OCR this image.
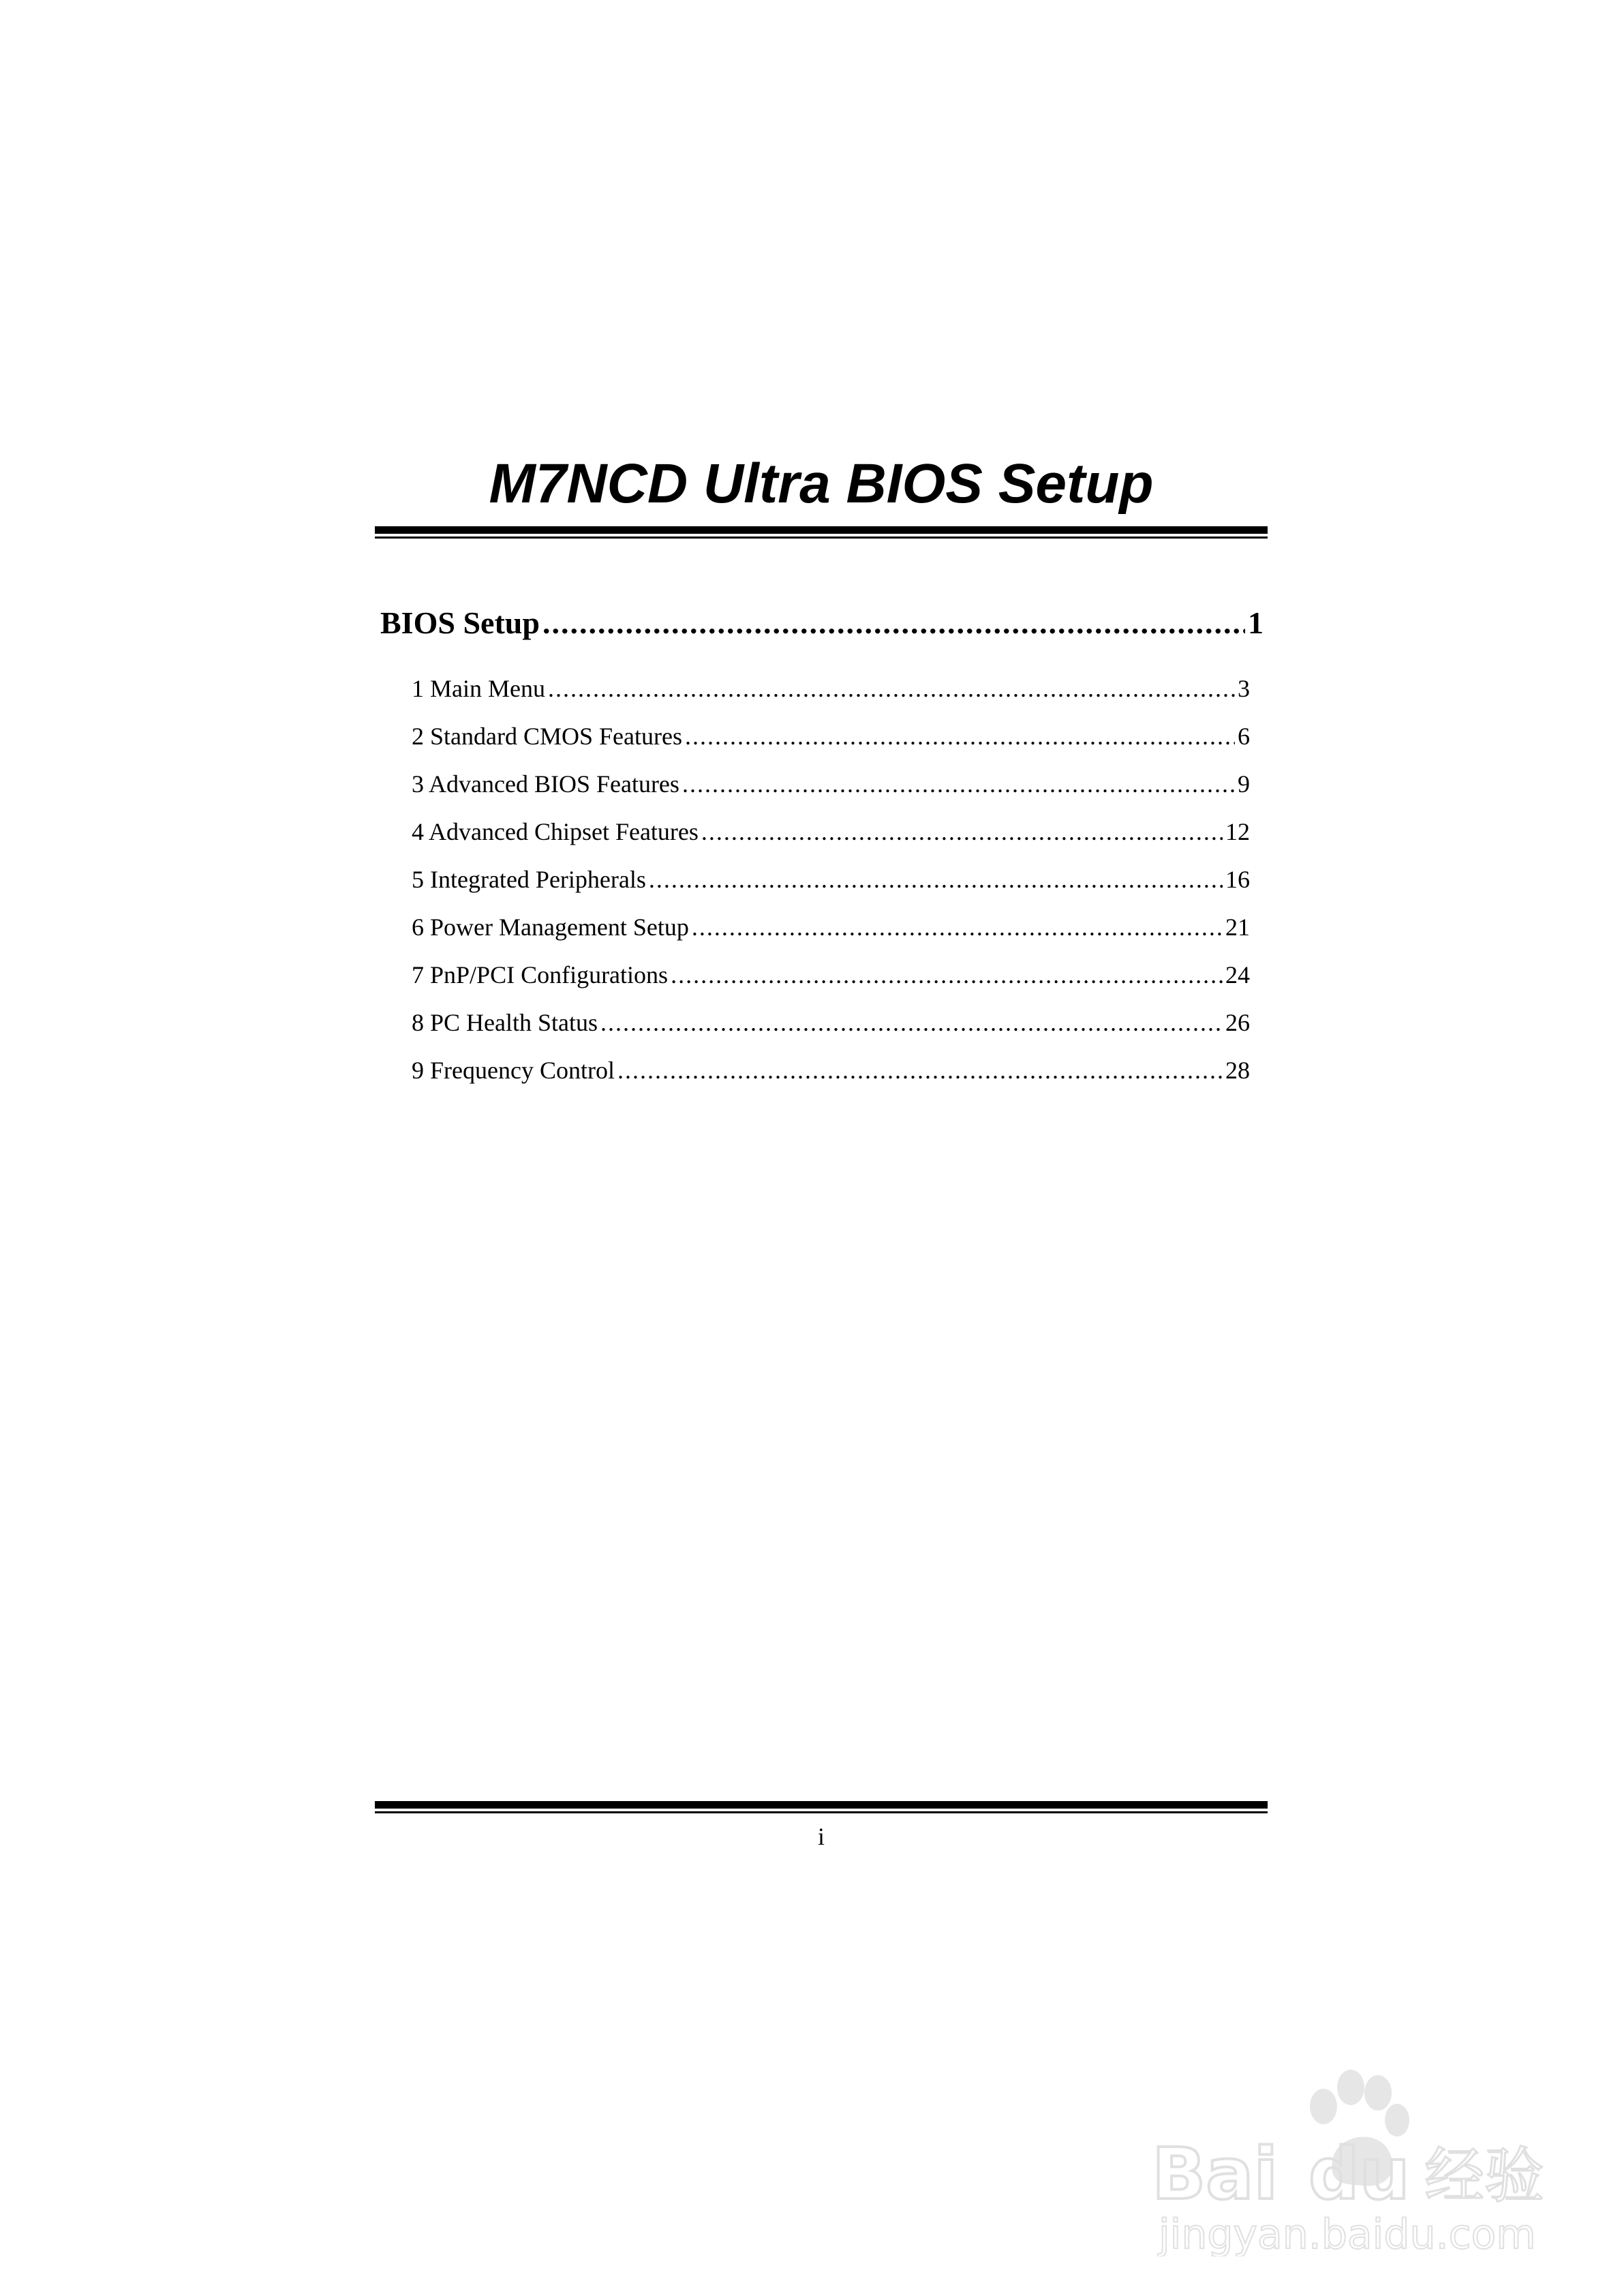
M7NCD Ultra BIOS Setup
BIOS Setup .....	1
1 Main Menu .....	3
2 Standard CMOS Features .....	6
3 Advanced BIOS Features .....	9
4 Advanced Chipset Features .....	12
5 Integrated Peripherals .....	16
6 Power Management Setup .....	21
7 PnP/PCI Configurations .....	24
8 PC Health Status .....	26
9 Frequency Control .....	28
i
Bai du 经验
jingyan.baidu.com
